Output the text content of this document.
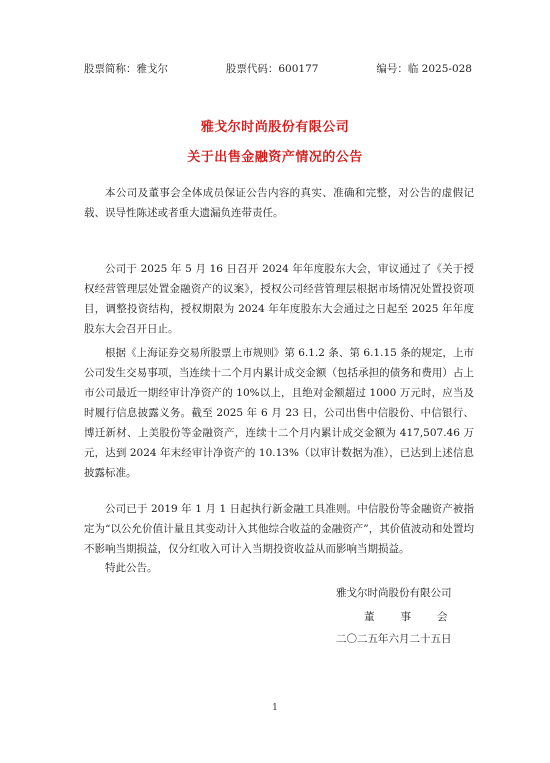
股票简称：雅戈尔	股票代码：600177	编号：临 2025-028
雅戈尔时尚股份有限公司
关于出售金融资产情况的公告

本公司及董事会全体成员保证公告内容的真实、准确和完整，对公告的虚假记载、误导性陈述或者重大遗漏负连带责任。

公司于 2025 年 5 月 16 日召开 2024 年年度股东大会，审议通过了《关于授权经营管理层处置金融资产的议案》，授权公司经营管理层根据市场情况处置投资项目，调整投资结构，授权期限为 2024 年年度股东大会通过之日起至 2025 年年度股东大会召开日止。

根据《上海证券交易所股票上市规则》第 6.1.2 条、第 6.1.15 条的规定，上市公司发生交易事项，当连续十二个月内累计成交金额（包括承担的债务和费用）占上市公司最近一期经审计净资产的 10%以上，且绝对金额超过 1000 万元时，应当及时履行信息披露义务。截至 2025 年 6 月 23 日，公司出售中信股份、中信银行、博迁新材、上美股份等金融资产，连续十二个月内累计成交金额为 417,507.46 万元，达到 2024 年末经审计净资产的 10.13%（以审计数据为准），已达到上述信息披露标准。

公司已于 2019 年 1 月 1 日起执行新金融工具准则。中信股份等金融资产被指定为“以公允价值计量且其变动计入其他综合收益的金融资产”，其价值波动和处置均不影响当期损益，仅分红收入可计入当期投资收益从而影响当期损益。

特此公告。

雅戈尔时尚股份有限公司
董 事 会
二〇二五年六月二十五日
1
